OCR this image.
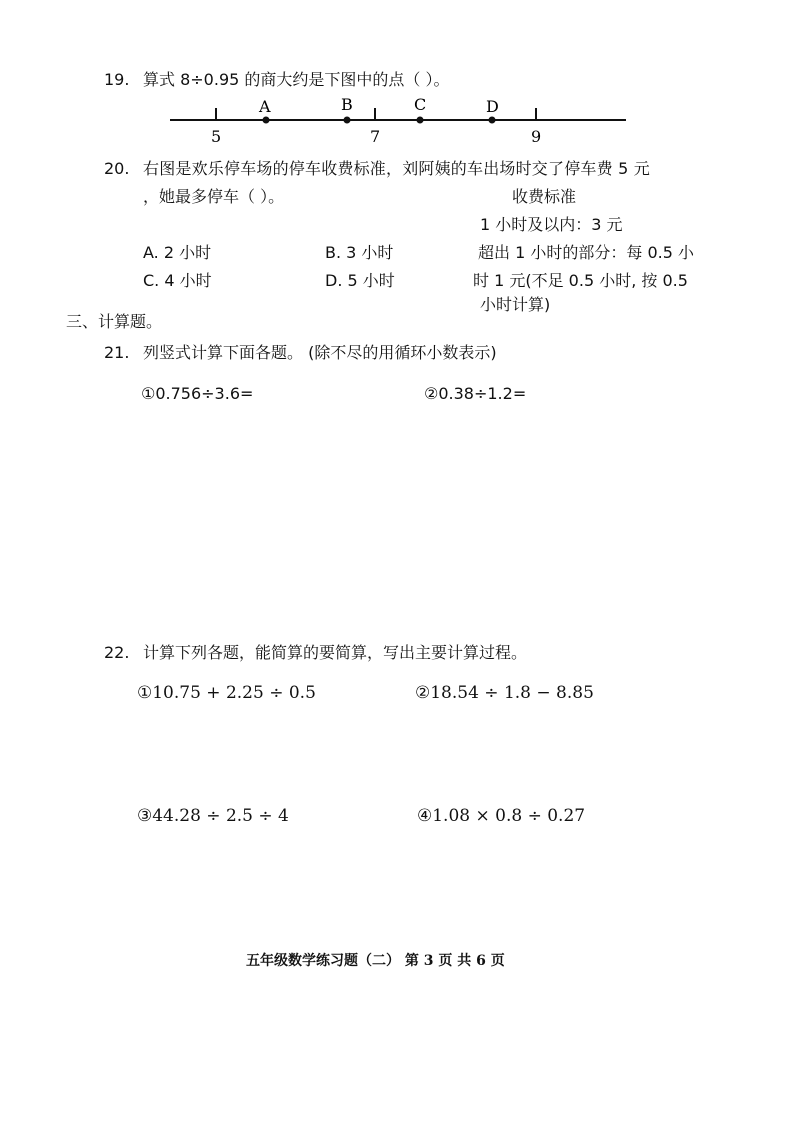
19. 算式 8÷0.95 的商大约是下图中的点（ ）。
5	7	9
A	B	C	D
20. 右图是欢乐停车场的停车收费标准，刘阿姨的车出场时交了停车费 5 元
，她最多停车（ ）。
A. 2 小时	B. 3 小时
C. 4 小时	D. 5 小时
收费标准
1 小时及以内：3 元
超出 1 小时的部分：每 0.5 小
时 1 元(不足 0.5 小时, 按 0.5
小时计算)
三、计算题。
21. 列竖式计算下面各题。 (除不尽的用循环小数表示)
①0.756÷3.6=	②0.38÷1.2=
22. 计算下列各题，能简算的要简算，写出主要计算过程。
①10.75 + 2.25 ÷ 0.5	②18.54 ÷ 1.8 − 8.85
③44.28 ÷ 2.5 ÷ 4	④1.08 × 0.8 ÷ 0.27
五年级数学练习题（二） 第 3 页 共 6 页
